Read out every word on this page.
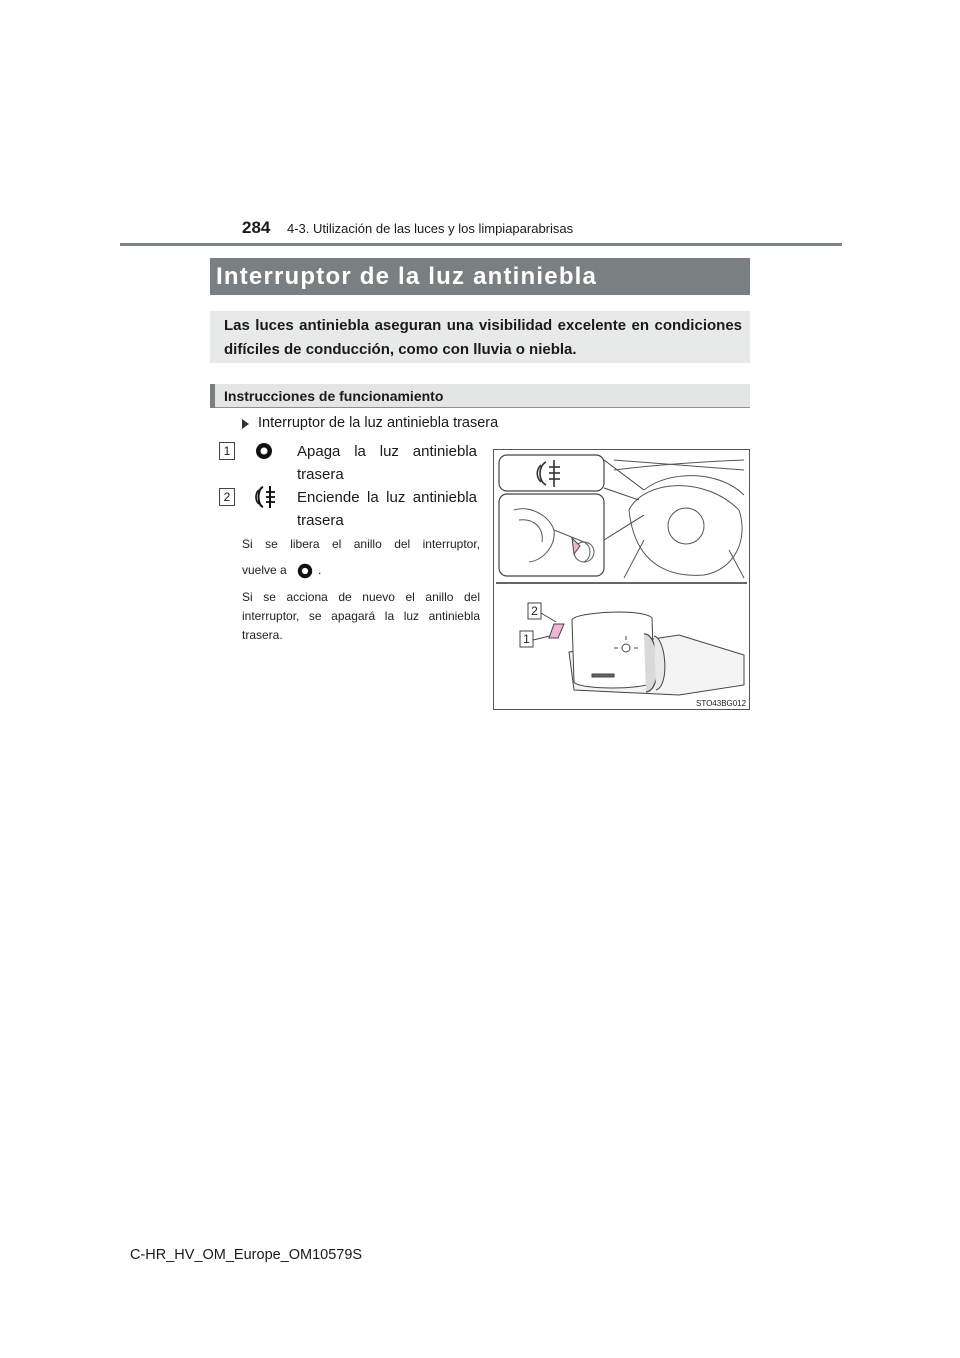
284 4-3. Utilización de las luces y los limpiaparabrisas
Interruptor de la luz antiniebla
Las luces antiniebla aseguran una visibilidad excelente en condiciones difíciles de conducción, como con lluvia o niebla.
Instrucciones de funcionamiento
Interruptor de la luz antiniebla trasera
1	Apaga la luz antiniebla
trasera
2	Enciende la luz antiniebla
trasera
Si se libera el anillo del interruptor,
vuelve a	.
Si se acciona de nuevo el anillo del interruptor, se apagará la luz antiniebla trasera.
2
1
STO43BG012
C-HR_HV_OM_Europe_OM10579S
